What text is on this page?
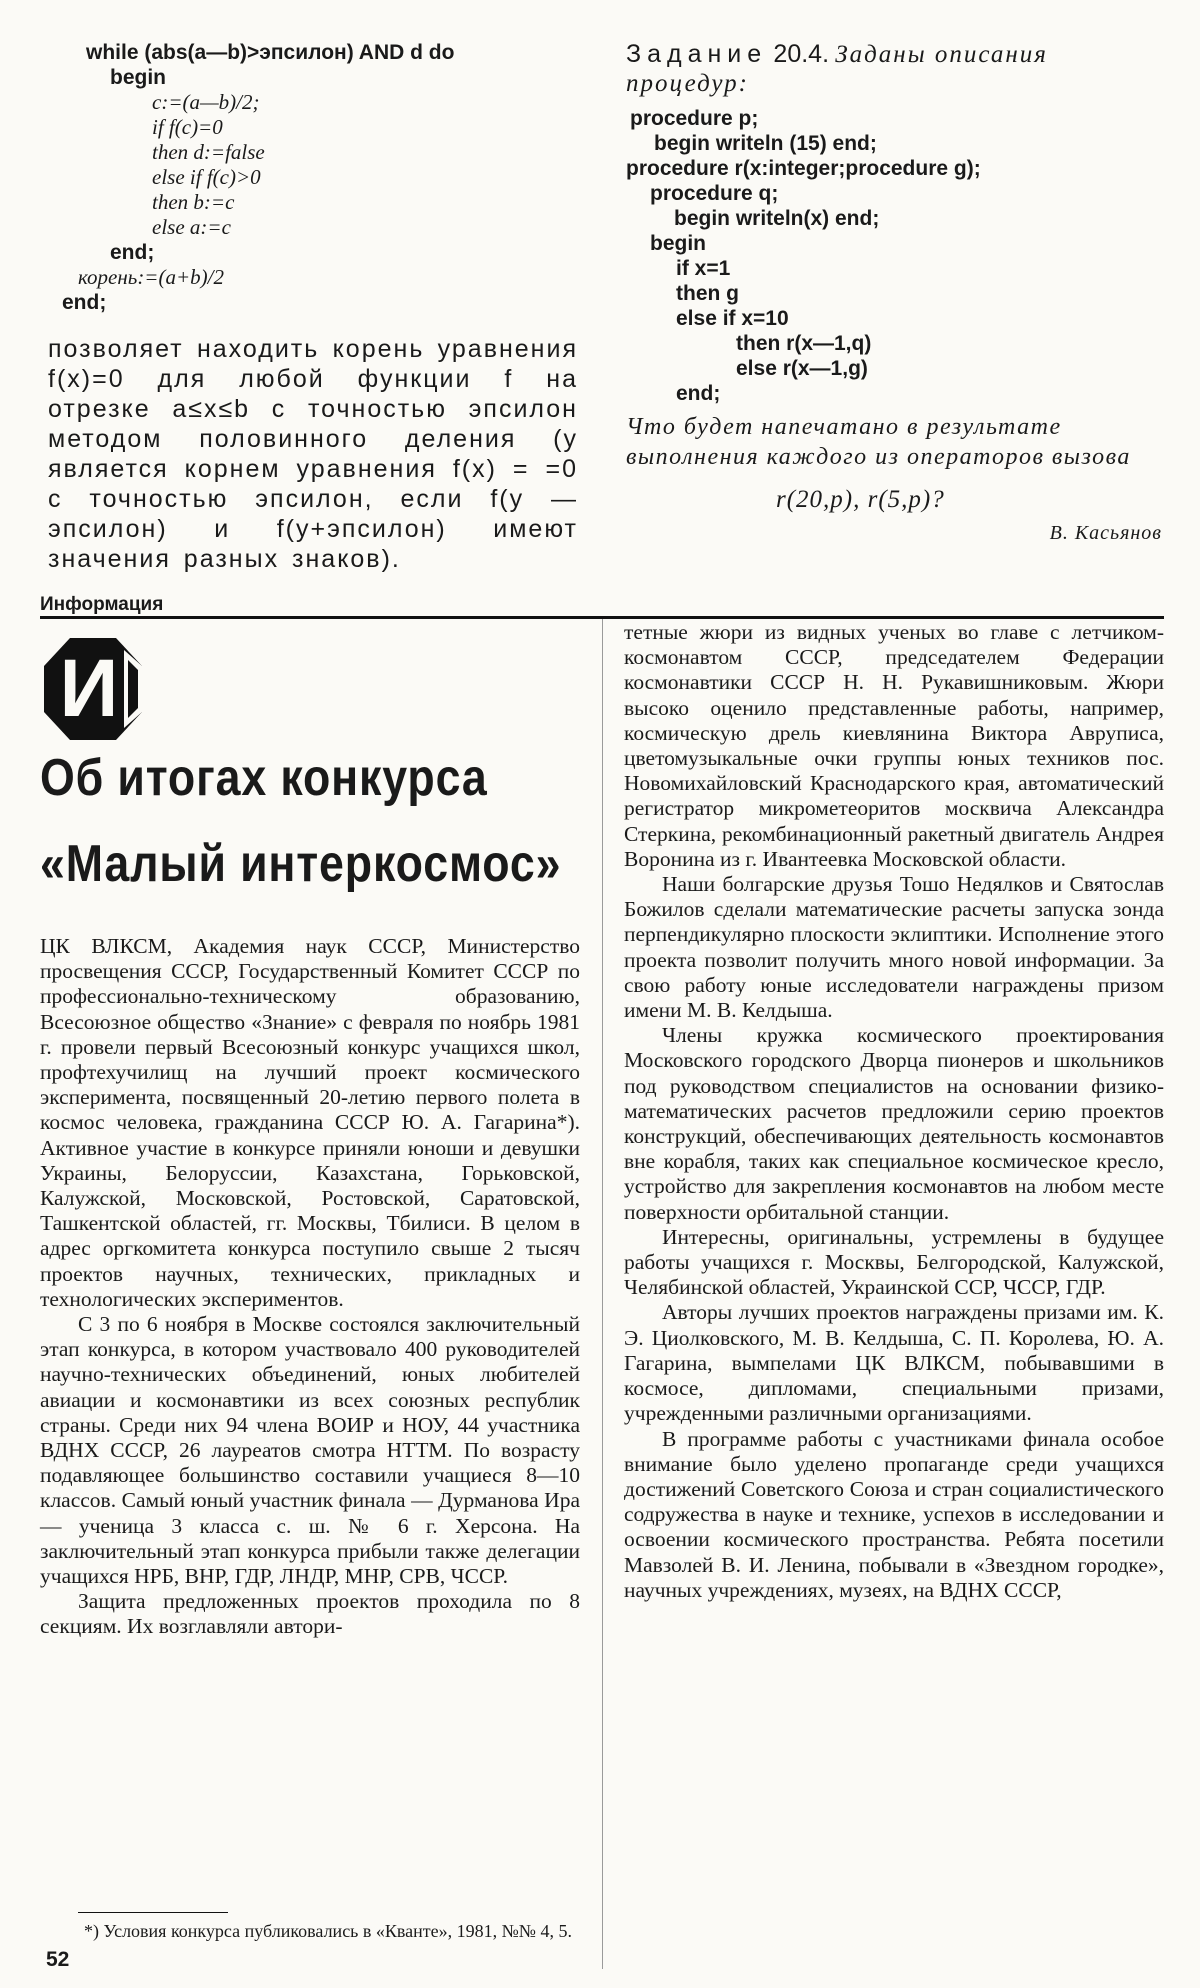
while (abs(a—b)>эпсилон) AND d do
begin
c:=(a—b)/2;
if f(c)=0
then d:=false
else if f(c)>0
then b:=c
else a:=c
end;
корень:=(a+b)/2
end;
позволяет находить корень уравнения f(x)=0 для любой функции f на отрезке a≤x≤b с точностью эпсилон методом половинного деления (y является корнем уравнения f(x) = =0 с точностью эпсилон, если f(y — эпсилон) и f(y+эпсилон) имеют значения разных знаков).
Задание 20.4. Заданы описания процедур:
procedure p;
begin writeln (15) end;
procedure r(x:integer;procedure g);
procedure q;
begin writeln(x) end;
begin
if x=1
then g
else if x=10
then r(x—1,q)
else r(x—1,g)
end;
Что будет напечатано в результате выполнения каждого из операторов вызова
r(20,p), r(5,p)?
В. Касьянов
Информация
И
Об итогах конкурса
«Малый интеркосмос»

ЦК ВЛКСМ, Академия наук СССР, Министерство просвещения СССР, Государственный Комитет СССР по профессионально-техническому образованию, Всесоюзное общество «Знание» с февраля по ноябрь 1981 г. провели первый Всесоюзный конкурс учащихся школ, профтехучилищ на лучший проект космического эксперимента, посвященный 20-летию первого полета в космос человека, гражданина СССР Ю. А. Гагарина*). Активное участие в конкурсе приняли юноши и девушки Украины, Белоруссии, Казахстана, Горьковской, Калужской, Московской, Ростовской, Саратовской, Ташкентской областей, гг. Москвы, Тбилиси. В целом в адрес оргкомитета конкурса поступило свыше 2 тысяч проектов научных, технических, прикладных и технологических экспериментов.

С 3 по 6 ноября в Москве состоялся заключительный этап конкурса, в котором участвовало 400 руководителей научно-технических объединений, юных любителей авиации и космонавтики из всех союзных республик страны. Среди них 94 члена ВОИР и НОУ, 44 участника ВДНХ СССР, 26 лауреатов смотра НТТМ. По возрасту подавляющее большинство составили учащиеся 8—10 классов. Самый юный участник финала — Дурманова Ира — ученица 3 класса с. ш. № 6 г. Херсона. На заключительный этап конкурса прибыли также делегации учащихся НРБ, ВНР, ГДР, ЛНДР, МНР, СРВ, ЧССР.

Защита предложенных проектов проходила по 8 секциям. Их возглавляли автори-

*) Условия конкурса публиковались в «Кванте», 1981, №№ 4, 5.

тетные жюри из видных ученых во главе с летчиком-космонавтом СССР, председателем Федерации космонавтики СССР Н. Н. Рукавишниковым. Жюри высоко оценило представленные работы, например, космическую дрель киевлянина Виктора Авруписа, цветомузыкальные очки группы юных техников пос. Новомихайловский Краснодарского края, автоматический регистратор микрометеоритов москвича Александра Стеркина, рекомбинационный ракетный двигатель Андрея Воронина из г. Ивантеевка Московской области.

Наши болгарские друзья Тошо Недялков и Святослав Божилов сделали математические расчеты запуска зонда перпендикулярно плоскости эклиптики. Исполнение этого проекта позволит получить много новой информации. За свою работу юные исследователи награждены призом имени М. В. Келдыша.

Члены кружка космического проектирования Московского городского Дворца пионеров и школьников под руководством специалистов на основании физико-математических расчетов предложили серию проектов конструкций, обеспечивающих деятельность космонавтов вне корабля, таких как специальное космическое кресло, устройство для закрепления космонавтов на любом месте поверхности орбитальной станции.

Интересны, оригинальны, устремлены в будущее работы учащихся г. Москвы, Белгородской, Калужской, Челябинской областей, Украинской ССР, ЧССР, ГДР.

Авторы лучших проектов награждены призами им. К. Э. Циолковского, М. В. Келдыша, С. П. Королева, Ю. А. Гагарина, вымпелами ЦК ВЛКСМ, побывавшими в космосе, дипломами, специальными призами, учрежденными различными организациями.

В программе работы с участниками финала особое внимание было уделено пропаганде среди учащихся достижений Советского Союза и стран социалистического содружества в науке и технике, успехов в исследовании и освоении космического пространства. Ребята посетили Мавзолей В. И. Ленина, побывали в «Звездном городке», научных учреждениях, музеях, на ВДНХ СССР,

52
